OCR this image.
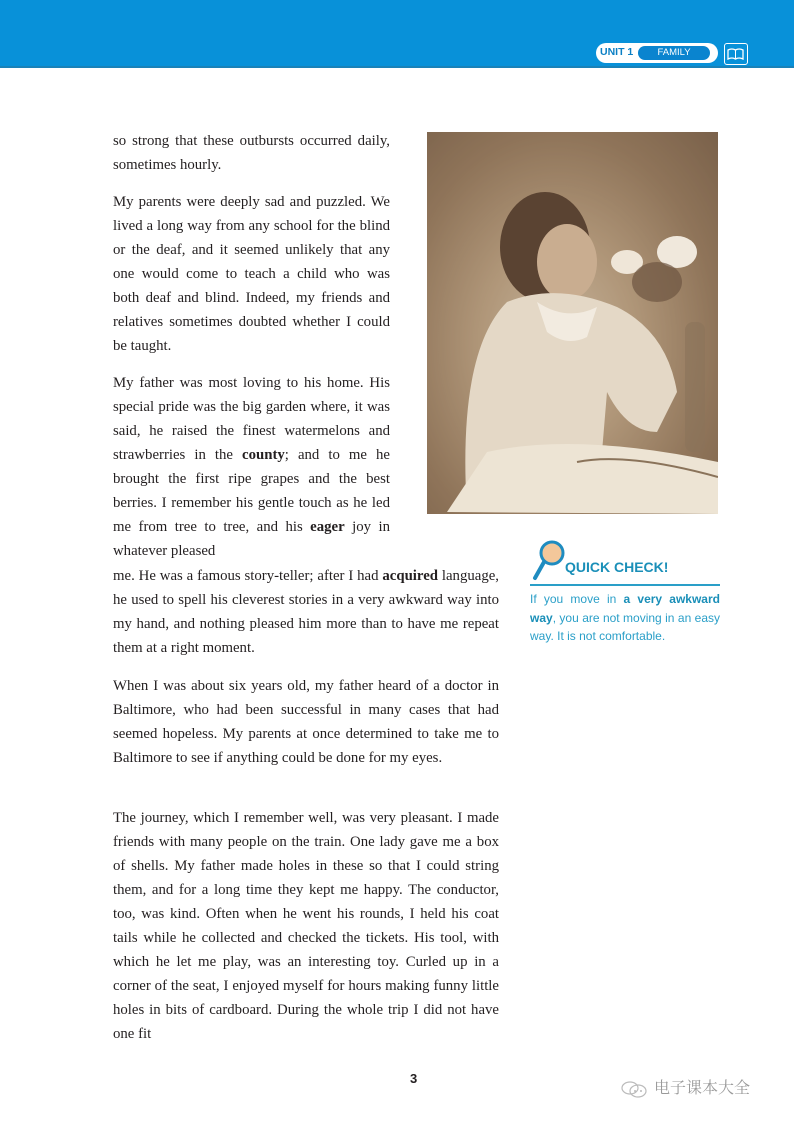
UNIT 1	FAMILY

so strong that these outbursts occurred daily, sometimes hourly.

My parents were deeply sad and puzzled. We lived a long way from any school for the blind or the deaf, and it seemed unlikely that any one would come to teach a child who was both deaf and blind. Indeed, my friends and relatives sometimes doubted whether I could be taught.

My father was most loving to his home. His special pride was the big garden where, it was said, he raised the finest watermelons and strawberries in the county; and to me he brought the first ripe grapes and the best berries. I remember his gentle touch as he led me from tree to tree, and his eager joy in whatever pleased

me. He was a famous story-teller; after I had acquired language, he used to spell his cleverest stories in a very awkward way into my hand, and nothing pleased him more than to have me repeat them at a right moment.

When I was about six years old, my father heard of a doctor in Baltimore, who had been successful in many cases that had seemed hopeless. My parents at once determined to take me to Baltimore to see if anything could be done for my eyes.

The journey, which I remember well, was very pleasant. I made friends with many people on the train. One lady gave me a box of shells. My father made holes in these so that I could string them, and for a long time they kept me happy. The conductor, too, was kind. Often when he went his rounds, I held his coat tails while he collected and checked the tickets. His tool, with which he let me play, was an interesting toy. Curled up in a corner of the seat, I enjoyed myself for hours making funny little holes in bits of cardboard. During the whole trip I did not have one fit

QUICK CHECK!
If you move in a very awkward way, you are not moving in an easy way. It is not comfortable.
3	电子课本大全
